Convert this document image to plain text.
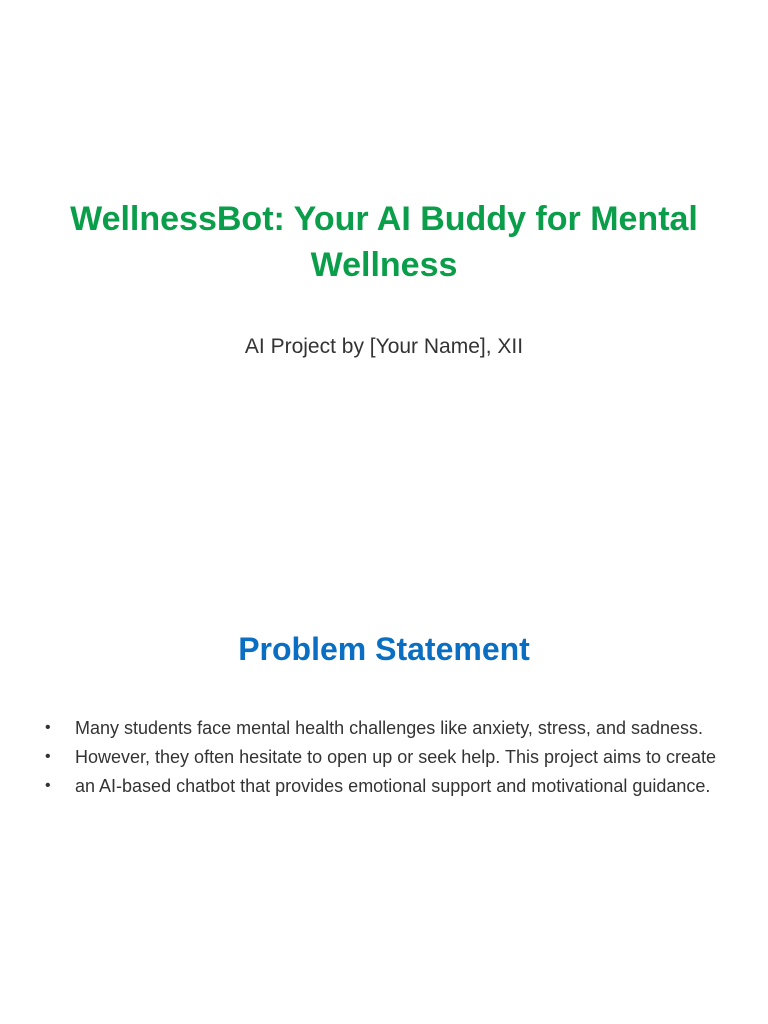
WellnessBot: Your AI Buddy for Mental Wellness

AI Project by [Your Name], XII

Problem Statement
• Many students face mental health challenges like anxiety, stress, and sadness.
• However, they often hesitate to open up or seek help. This project aims to create
• an AI-based chatbot that provides emotional support and motivational guidance.
